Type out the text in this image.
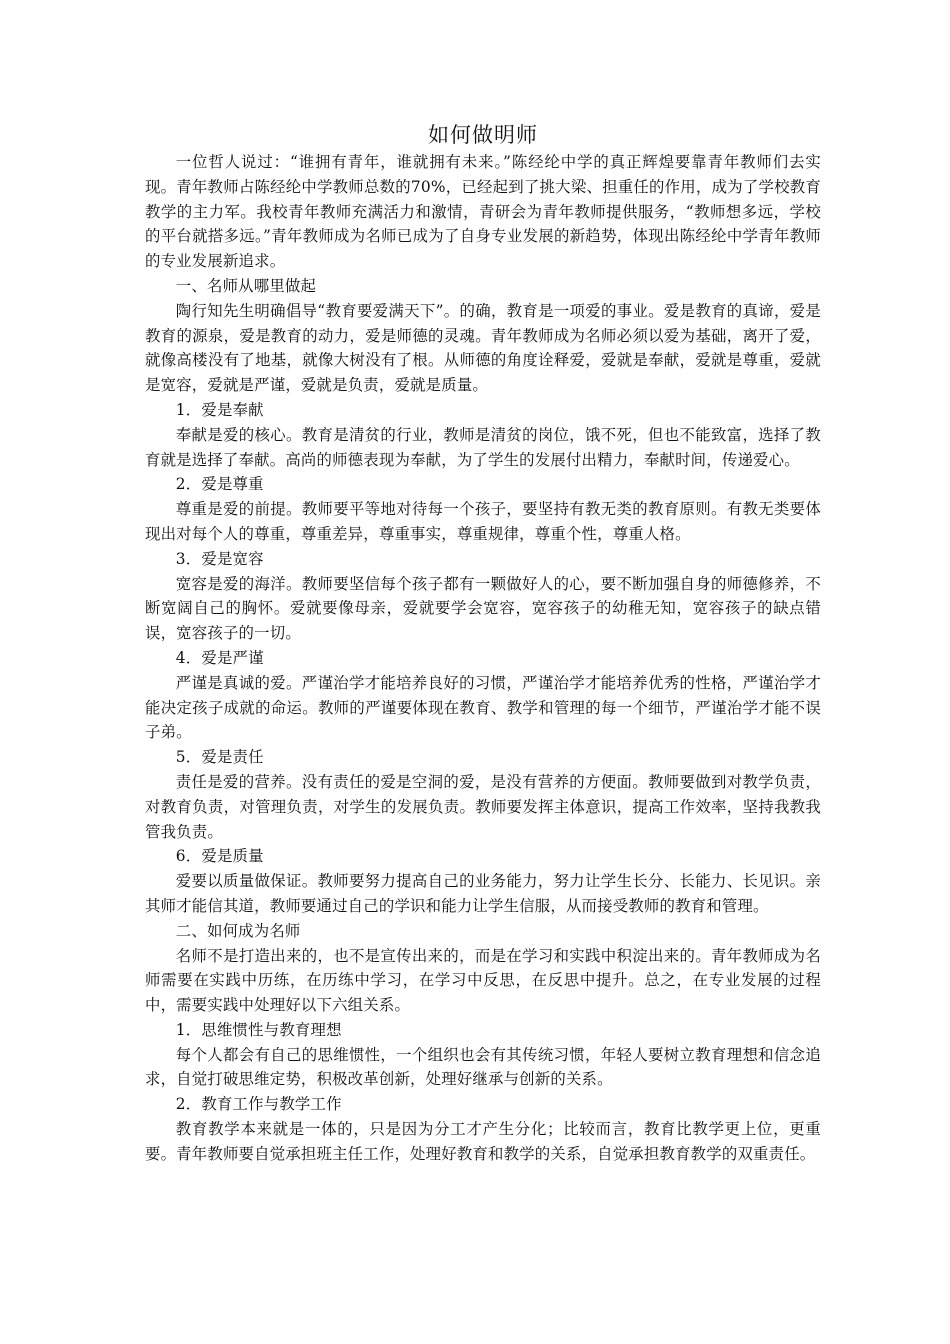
如何做明师

一位哲人说过：“谁拥有青年，谁就拥有未来。”陈经纶中学的真正辉煌要靠青年教师们去实现。青年教师占陈经纶中学教师总数的70%，已经起到了挑大梁、担重任的作用，成为了学校教育教学的主力军。我校青年教师充满活力和激情，青研会为青年教师提供服务，“教师想多远，学校的平台就搭多远。”青年教师成为名师已成为了自身专业发展的新趋势，体现出陈经纶中学青年教师的专业发展新追求。

一、名师从哪里做起

陶行知先生明确倡导“教育要爱满天下”。的确，教育是一项爱的事业。爱是教育的真谛，爱是教育的源泉，爱是教育的动力，爱是师德的灵魂。青年教师成为名师必须以爱为基础，离开了爱，就像高楼没有了地基，就像大树没有了根。从师德的角度诠释爱，爱就是奉献，爱就是尊重，爱就是宽容，爱就是严谨，爱就是负责，爱就是质量。

1．爱是奉献

奉献是爱的核心。教育是清贫的行业，教师是清贫的岗位，饿不死，但也不能致富，选择了教育就是选择了奉献。高尚的师德表现为奉献，为了学生的发展付出精力，奉献时间，传递爱心。

2．爱是尊重

尊重是爱的前提。教师要平等地对待每一个孩子，要坚持有教无类的教育原则。有教无类要体现出对每个人的尊重，尊重差异，尊重事实，尊重规律，尊重个性，尊重人格。

3．爱是宽容

宽容是爱的海洋。教师要坚信每个孩子都有一颗做好人的心，要不断加强自身的师德修养，不断宽阔自己的胸怀。爱就要像母亲，爱就要学会宽容，宽容孩子的幼稚无知，宽容孩子的缺点错误，宽容孩子的一切。

4．爱是严谨

严谨是真诚的爱。严谨治学才能培养良好的习惯，严谨治学才能培养优秀的性格，严谨治学才能决定孩子成就的命运。教师的严谨要体现在教育、教学和管理的每一个细节，严谨治学才能不误子弟。

5．爱是责任

责任是爱的营养。没有责任的爱是空洞的爱，是没有营养的方便面。教师要做到对教学负责，对教育负责，对管理负责，对学生的发展负责。教师要发挥主体意识，提高工作效率，坚持我教我管我负责。

6．爱是质量

爱要以质量做保证。教师要努力提高自己的业务能力，努力让学生长分、长能力、长见识。亲其师才能信其道，教师要通过自己的学识和能力让学生信服，从而接受教师的教育和管理。

二、如何成为名师

名师不是打造出来的，也不是宣传出来的，而是在学习和实践中积淀出来的。青年教师成为名师需要在实践中历练，在历练中学习，在学习中反思，在反思中提升。总之，在专业发展的过程中，需要实践中处理好以下六组关系。

1．思维惯性与教育理想

每个人都会有自己的思维惯性，一个组织也会有其传统习惯，年轻人要树立教育理想和信念追求，自觉打破思维定势，积极改革创新，处理好继承与创新的关系。

2．教育工作与教学工作

教育教学本来就是一体的，只是因为分工才产生分化；比较而言，教育比教学更上位，更重要。青年教师要自觉承担班主任工作，处理好教育和教学的关系，自觉承担教育教学的双重责任。
